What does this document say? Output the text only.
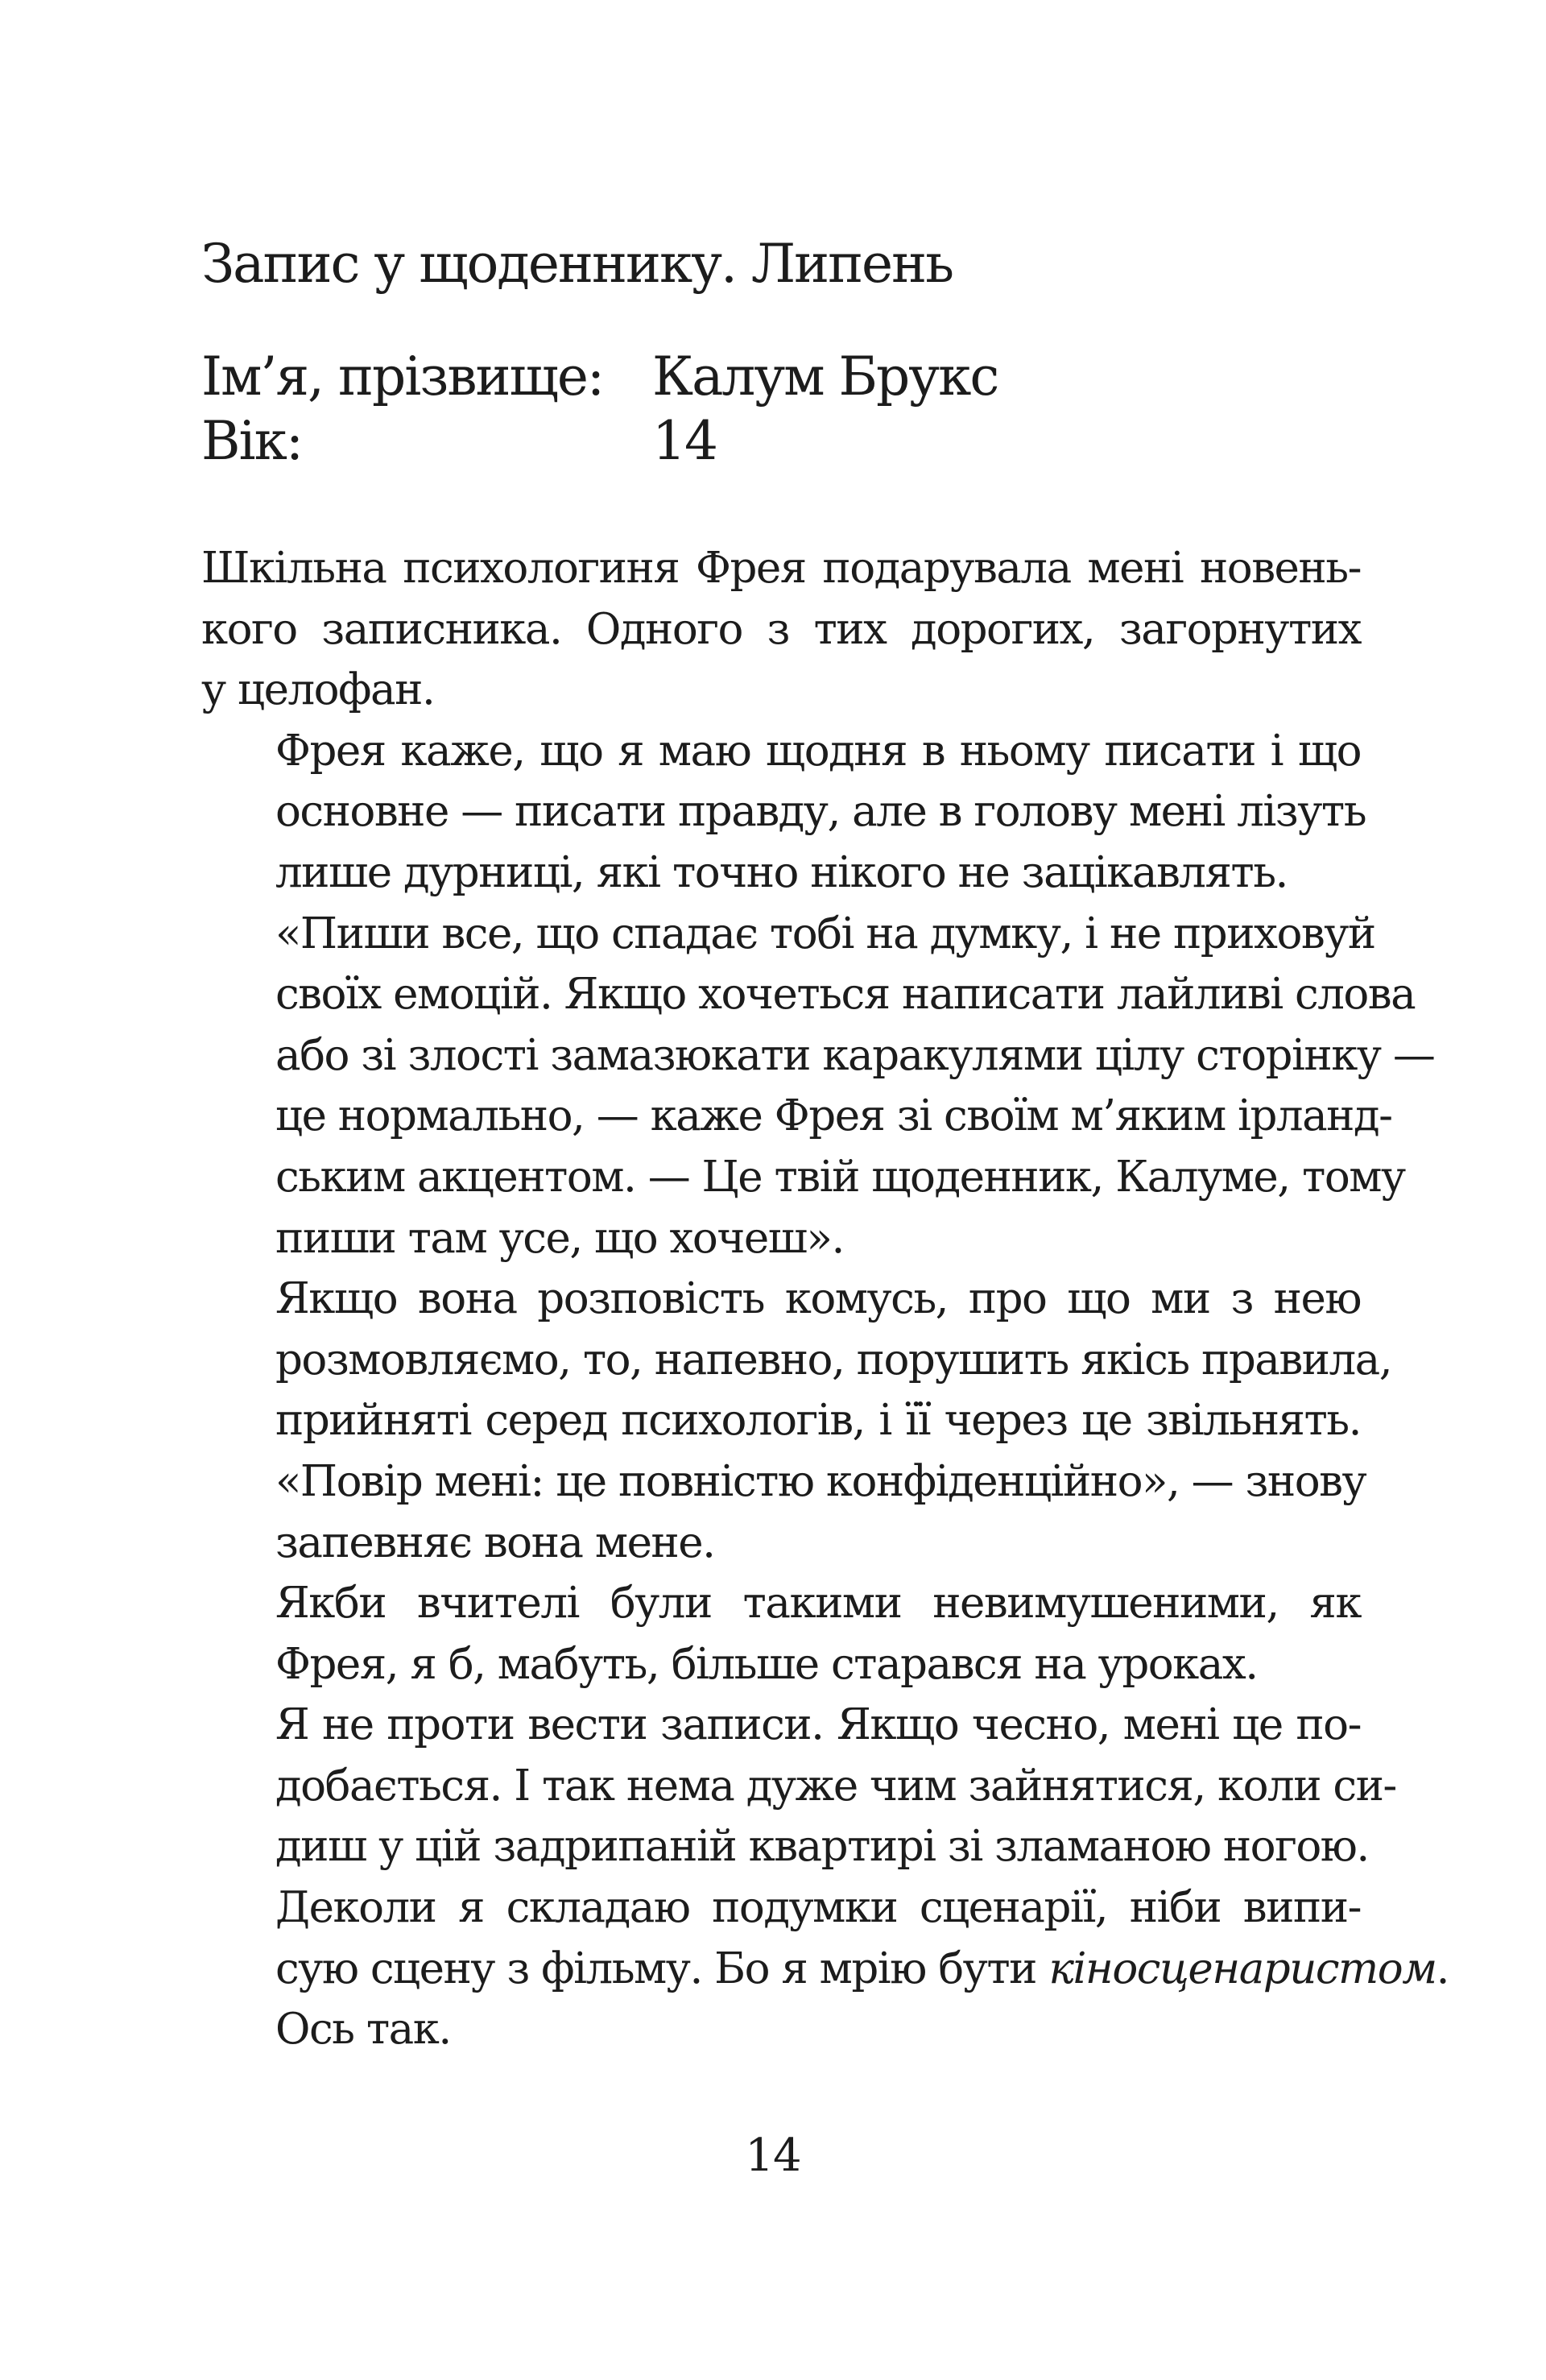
Запис у щоденнику. Липень
Ім’я, прізвище: Калум Брукс
Вік:	14

Шкільна психологиня Фрея подарувала мені новень-
кого записника. Одного з тих дорогих, загорнутих
у целофан.

Фрея каже, що я маю щодня в ньому писати і що
основне — писати правду, але в голову мені лізуть
лише дурниці, які точно нікого не зацікавлять.

«Пиши все, що спадає тобі на думку, і не приховуй
своїх емоцій. Якщо хочеться написати лайливі слова
або зі злості замазюкати каракулями цілу сторінку —
це нормально, — каже Фрея зі своїм м’яким ірланд-
ським акцентом. — Це твій щоденник, Калуме, тому
пиши там усе, що хочеш».

Якщо вона розповість комусь, про що ми з нею
розмовляємо, то, напевно, порушить якісь правила,
прийняті серед психологів, і її через це звільнять.
«Повір мені: це повністю конфіденційно», — знову
запевняє вона мене.

Якби вчителі були такими невимушеними, як
Фрея, я б, мабуть, більше старався на уроках.

Я не проти вести записи. Якщо чесно, мені це по-
добається. І так нема дуже чим зайнятися, коли си-
диш у цій задрипаній квартирі зі зламаною ногою.

Деколи я складаю подумки сценарії, ніби випи-
сую сцену з фільму. Бо я мрію бути кіносценаристом.
Ось так.

14
